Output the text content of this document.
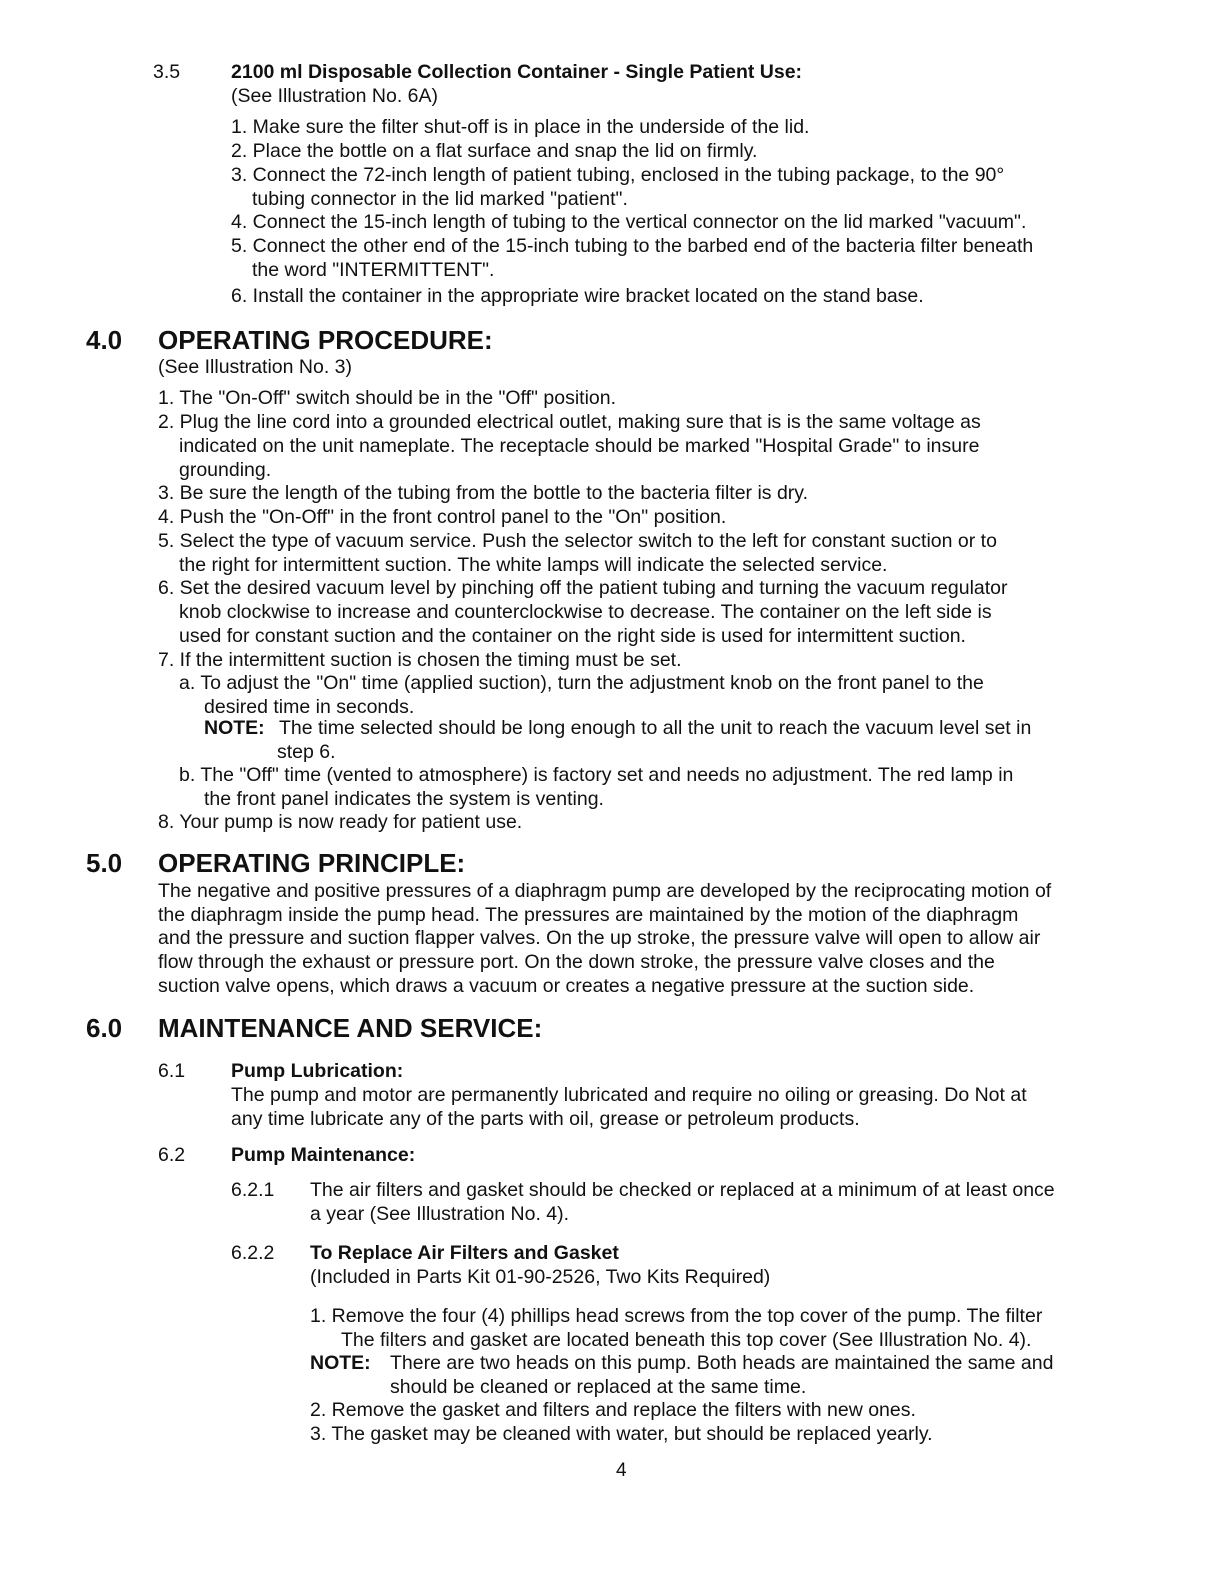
3.5	2100 ml Disposable Collection Container - Single Patient Use:
(See Illustration No. 6A)
1. Make sure the filter shut-off is in place in the underside of the lid.
2. Place the bottle on a flat surface and snap the lid on firmly.
3. Connect the 72-inch length of patient tubing, enclosed in the tubing package, to the 90°
tubing connector in the lid marked "patient".
4. Connect the 15-inch length of tubing to the vertical connector on the lid marked "vacuum".
5. Connect the other end of the 15-inch tubing to the barbed end of the bacteria filter beneath
the word "INTERMITTENT".
6. Install the container in the appropriate wire bracket located on the stand base.
4.0 OPERATING PROCEDURE:
(See Illustration No. 3)
1. The "On-Off" switch should be in the "Off" position.
2. Plug the line cord into a grounded electrical outlet, making sure that is is the same voltage as
indicated on the unit nameplate. The receptacle should be marked "Hospital Grade" to insure
grounding.
3. Be sure the length of the tubing from the bottle to the bacteria filter is dry.
4. Push the "On-Off" in the front control panel to the "On" position.
5. Select the type of vacuum service. Push the selector switch to the left for constant suction or to
the right for intermittent suction. The white lamps will indicate the selected service.
6. Set the desired vacuum level by pinching off the patient tubing and turning the vacuum regulator
knob clockwise to increase and counterclockwise to decrease. The container on the left side is
used for constant suction and the container on the right side is used for intermittent suction.
7. If the intermittent suction is chosen the timing must be set.
a. To adjust the "On" time (applied suction), turn the adjustment knob on the front panel to the
desired time in seconds.
NOTE: The time selected should be long enough to all the unit to reach the vacuum level set in
step 6.
b. The "Off" time (vented to atmosphere) is factory set and needs no adjustment. The red lamp in
the front panel indicates the system is venting.
8. Your pump is now ready for patient use.
5.0 OPERATING PRINCIPLE:
The negative and positive pressures of a diaphragm pump are developed by the reciprocating motion of
the diaphragm inside the pump head. The pressures are maintained by the motion of the diaphragm
and the pressure and suction flapper valves. On the up stroke, the pressure valve will open to allow air
flow through the exhaust or pressure port. On the down stroke, the pressure valve closes and the
suction valve opens, which draws a vacuum or creates a negative pressure at the suction side.
6.0 MAINTENANCE AND SERVICE:
6.1 Pump Lubrication:
The pump and motor are permanently lubricated and require no oiling or greasing. Do Not at
any time lubricate any of the parts with oil, grease or petroleum products.
6.2 Pump Maintenance:
6.2.1 The air filters and gasket should be checked or replaced at a minimum of at least once
a year (See Illustration No. 4).
6.2.2 To Replace Air Filters and Gasket
(Included in Parts Kit 01-90-2526, Two Kits Required)
1. Remove the four (4) phillips head screws from the top cover of the pump. The filter
The filters and gasket are located beneath this top cover (See Illustration No. 4).
NOTE: There are two heads on this pump. Both heads are maintained the same and
should be cleaned or replaced at the same time.
2. Remove the gasket and filters and replace the filters with new ones.
3. The gasket may be cleaned with water, but should be replaced yearly.
4
